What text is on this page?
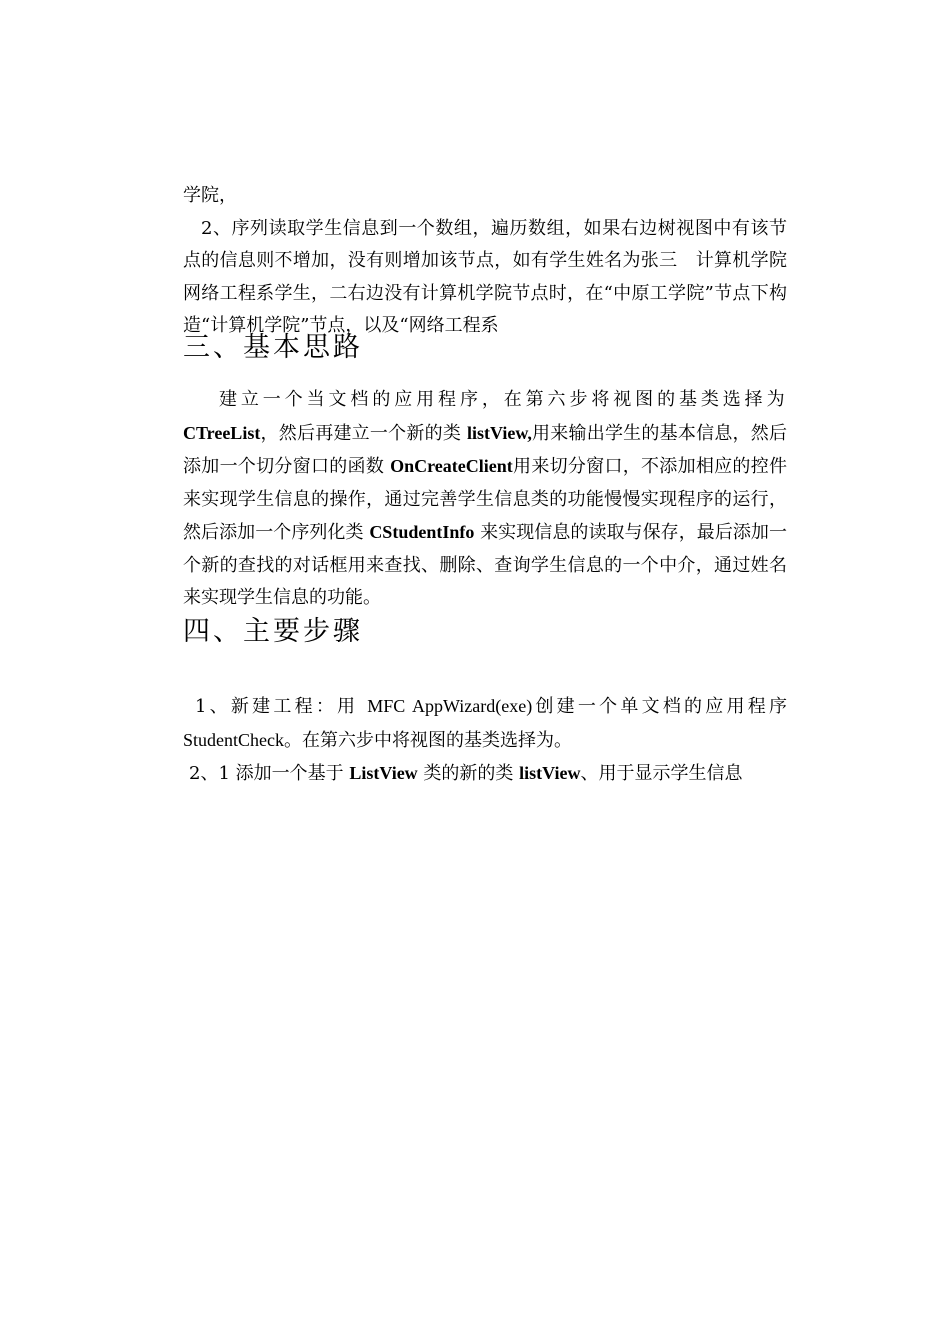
学院，

2、序列读取学生信息到一个数组，遍历数组，如果右边树视图中有该节点的信息则不增加，没有则增加该节点，如有学生姓名为张三　计算机学院　网络工程系学生，二右边没有计算机学院节点时，在“中原工学院”节点下构造“计算机学院”节点，以及“网络工程系

三、基本思路

建立一个当文档的应用程序，在第六步将视图的基类选择为CTreeList，然后再建立一个新的类 listView,用来输出学生的基本信息，然后添加一个切分窗口的函数 OnCreateClient用来切分窗口，不添加相应的控件来实现学生信息的操作，通过完善学生信息类的功能慢慢实现程序的运行，然后添加一个序列化类 CStudentInfo 来实现信息的读取与保存，最后添加一个新的查找的对话框用来查找、删除、查询学生信息的一个中介，通过姓名来实现学生信息的功能。

四、主要步骤

1、新建工程：用 MFC AppWizard(exe)创建一个单文档的应用程序 StudentCheck。在第六步中将视图的基类选择为。

2、1 添加一个基于 ListView 类的新的类 listView、用于显示学生信息
